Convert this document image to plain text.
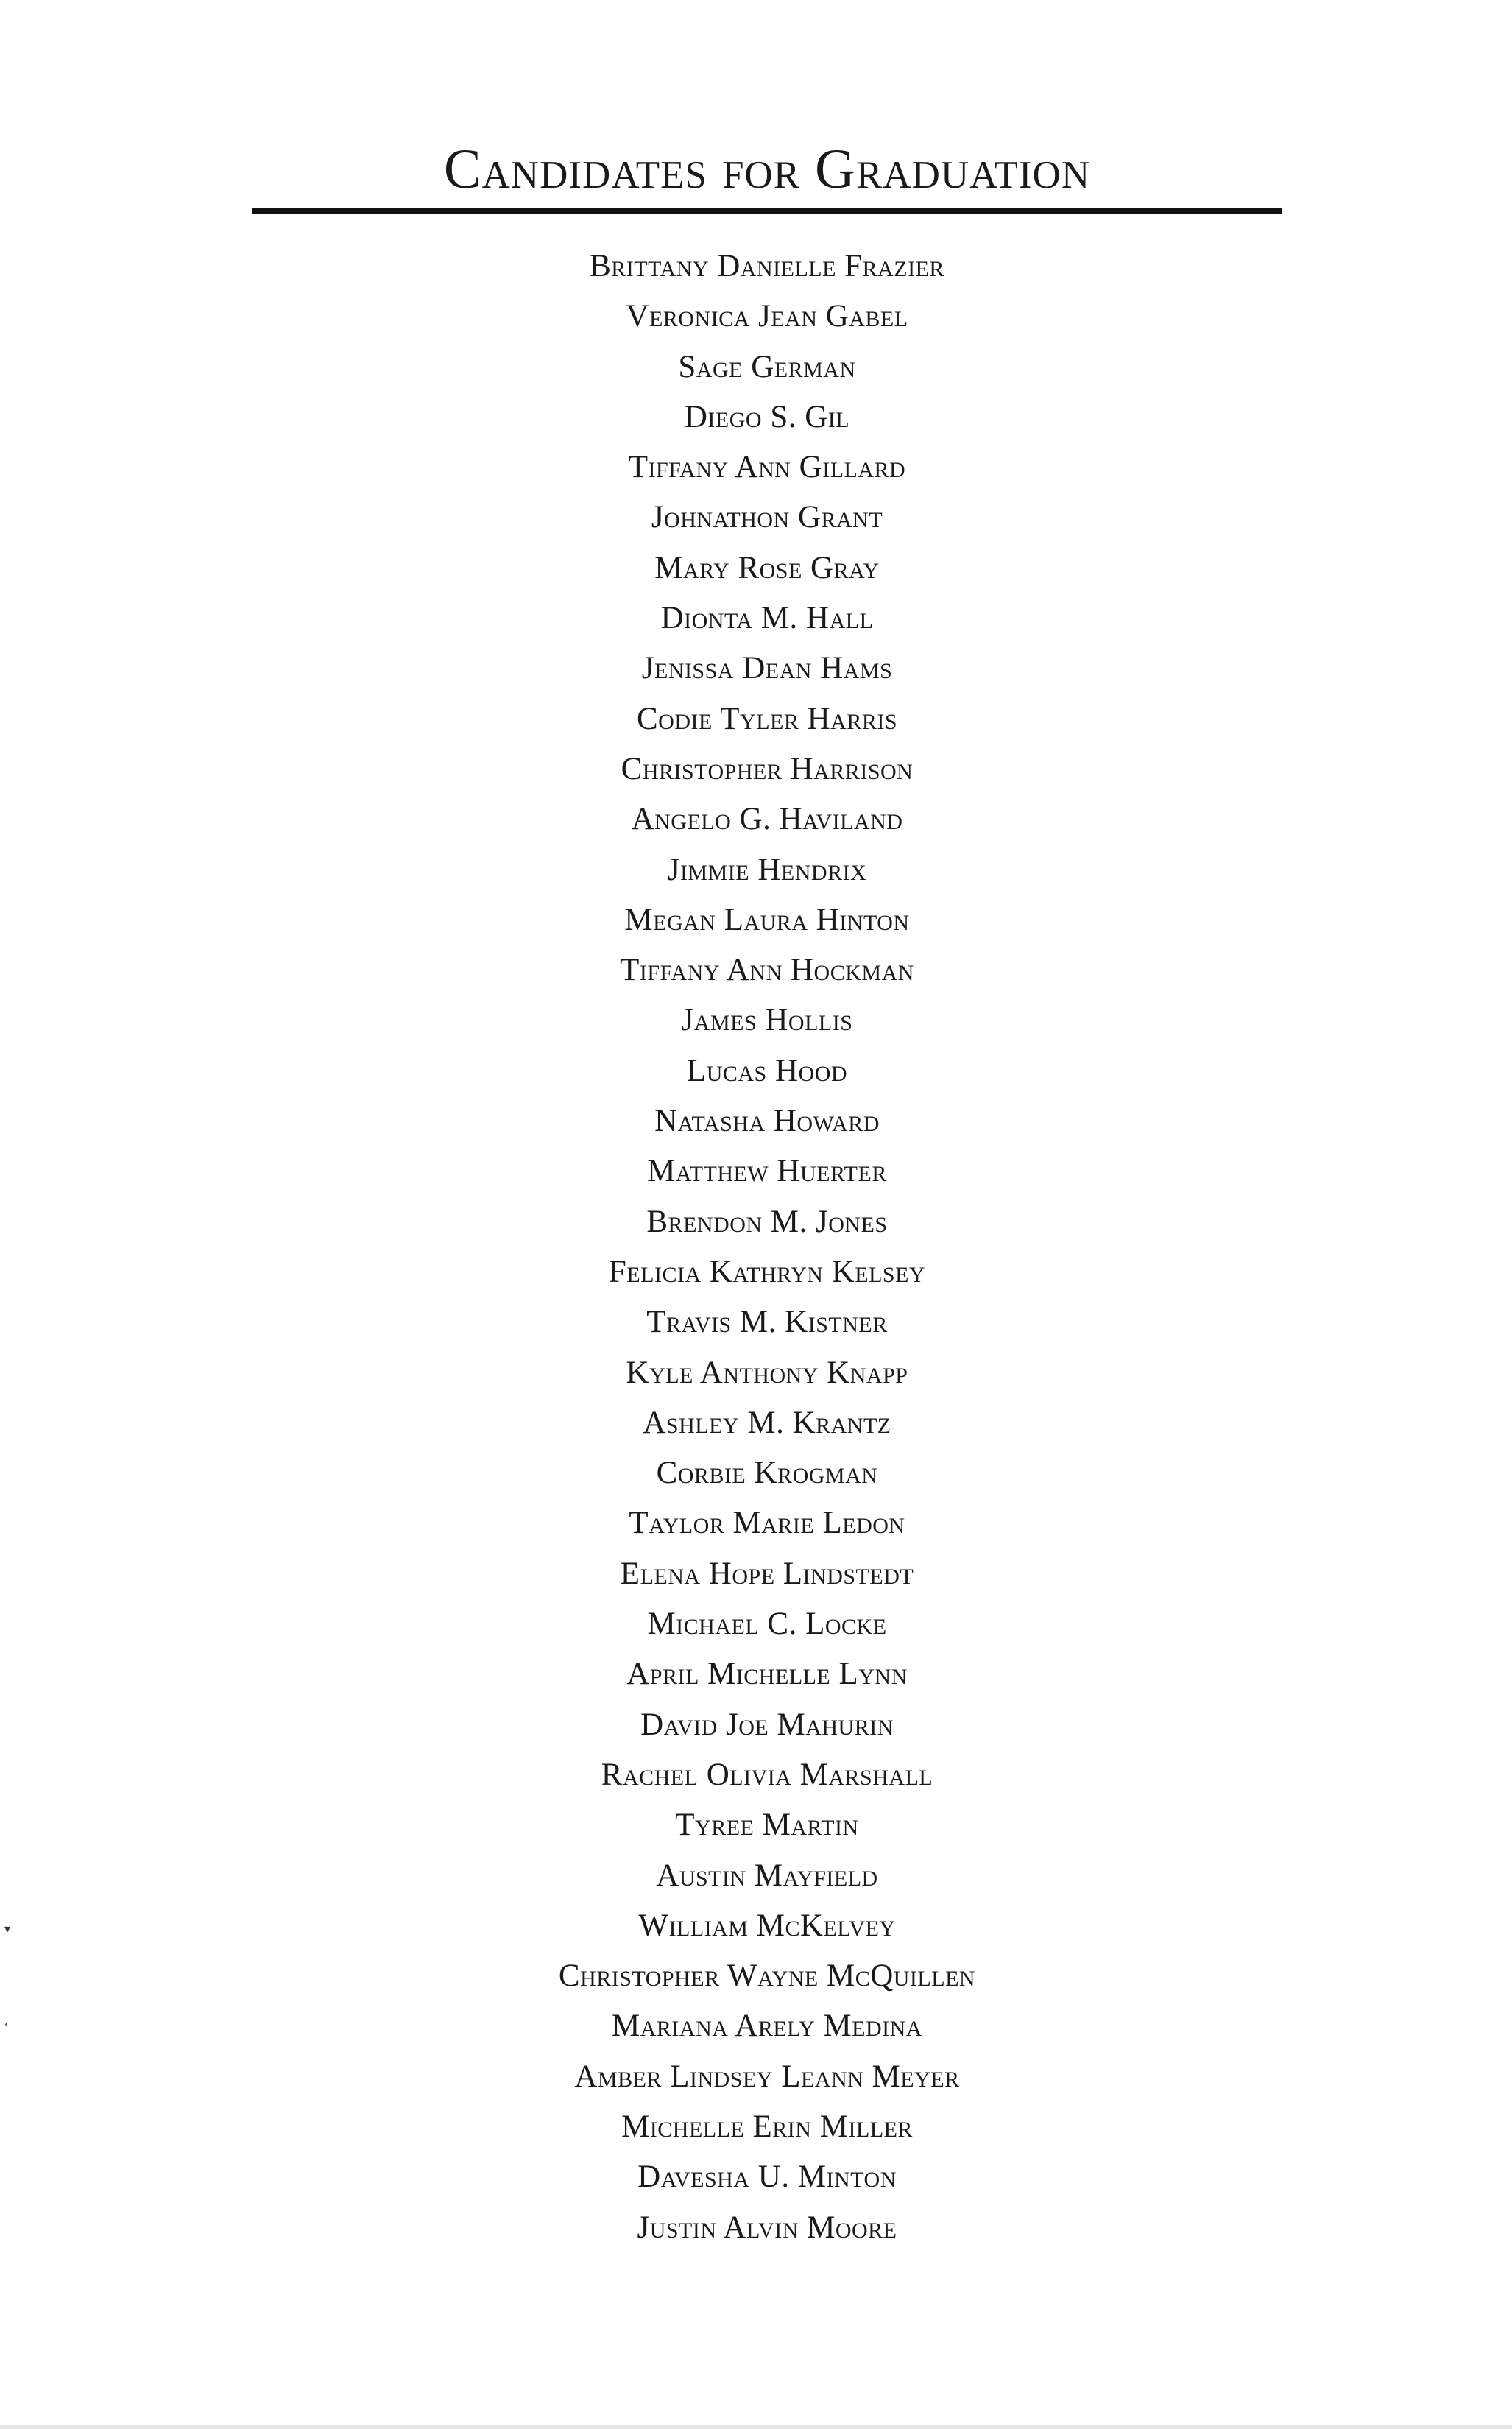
Candidates for Graduation
Brittany Danielle Frazier
Veronica Jean Gabel
Sage German
Diego S. Gil
Tiffany Ann Gillard
Johnathon Grant
Mary Rose Gray
Dionta M. Hall
Jenissa Dean Hams
Codie Tyler Harris
Christopher Harrison
Angelo G. Haviland
Jimmie Hendrix
Megan Laura Hinton
Tiffany Ann Hockman
James Hollis
Lucas Hood
Natasha Howard
Matthew Huerter
Brendon M. Jones
Felicia Kathryn Kelsey
Travis M. Kistner
Kyle Anthony Knapp
Ashley M. Krantz
Corbie Krogman
Taylor Marie Ledon
Elena Hope Lindstedt
Michael C. Locke
April Michelle Lynn
David Joe Mahurin
Rachel Olivia Marshall
Tyree Martin
Austin Mayfield
William McKelvey
Christopher Wayne McQuillen
Mariana Arely Medina
Amber Lindsey Leann Meyer
Michelle Erin Miller
Davesha U. Minton
Justin Alvin Moore
▾
‹
